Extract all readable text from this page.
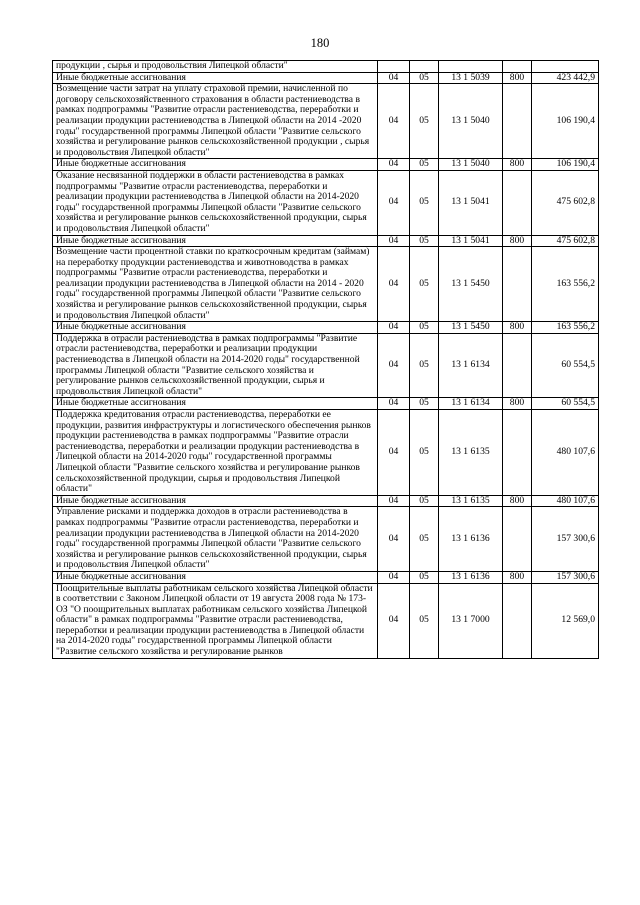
180
продукции , сырья и продовольствия Липецкой области"					
Иные бюджетные ассигнования	04	05	13 1 5039	800	423 442,9
Возмещение части затрат на уплату страховой премии, начисленной по договору сельскохозяйственного страхования в области растениеводства в рамках подпрограммы "Развитие отрасли растениеводства, переработки и реализации продукции растениеводства в Липецкой области на 2014 -2020 годы" государственной программы Липецкой области "Развитие сельского хозяйства и регулирование рынков сельскохозяйственной продукции , сырья и продовольствия Липецкой области"	04	05	13 1 5040		106 190,4
Иные бюджетные ассигнования	04	05	13 1 5040	800	106 190,4
Оказание несвязанной поддержки в области растениеводства в рамках подпрограммы "Развитие отрасли растениеводства, переработки и реализации продукции растениеводства в Липецкой области на 2014-2020 годы" государственной программы Липецкой области "Развитие сельского хозяйства и регулирование рынков сельскохозяйственной продукции, сырья и продовольствия Липецкой области"	04	05	13 1 5041		475 602,8
Иные бюджетные ассигнования	04	05	13 1 5041	800	475 602,8
Возмещение части процентной ставки по краткосрочным кредитам (займам) на переработку продукции растениеводства и животноводства в рамках подпрограммы "Развитие отрасли растениеводства, переработки и реализации продукции растениеводства в Липецкой области на 2014 - 2020 годы" государственной программы Липецкой области "Развитие сельского хозяйства и регулирование рынков сельскохозяйственной продукции, сырья и продовольствия Липецкой области"	04	05	13 1 5450		163 556,2
Иные бюджетные ассигнования	04	05	13 1 5450	800	163 556,2
Поддержка в отрасли растениеводства в рамках подпрограммы "Развитие отрасли растениеводства, переработки и реализации продукции растениеводства в Липецкой области на 2014-2020 годы" государственной программы Липецкой области "Развитие сельского хозяйства и регулирование рынков сельскохозяйственной продукции, сырья и продовольствия Липецкой области"	04	05	13 1 6134		60 554,5
Иные бюджетные ассигнования	04	05	13 1 6134	800	60 554,5
Поддержка кредитования отрасли растениеводства, переработки ее продукции, развития инфраструктуры и логистического обеспечения рынков продукции растениеводства в рамках подпрограммы "Развитие отрасли растениеводства, переработки и реализации продукции растениеводства в Липецкой области на 2014-2020 годы" государственной программы Липецкой области "Развитие сельского хозяйства и регулирование рынков сельскохозяйственной продукции, сырья и продовольствия Липецкой области"	04	05	13 1 6135		480 107,6
Иные бюджетные ассигнования	04	05	13 1 6135	800	480 107,6
Управление рисками и поддержка доходов в отрасли растениеводства в рамках подпрограммы "Развитие отрасли растениеводства, переработки и реализации продукции растениеводства в Липецкой области на 2014-2020 годы" государственной программы Липецкой области "Развитие сельского хозяйства и регулирование рынков сельскохозяйственной продукции, сырья и продовольствия Липецкой области"	04	05	13 1 6136		157 300,6
Иные бюджетные ассигнования	04	05	13 1 6136	800	157 300,6
Поощрительные выплаты работникам сельского хозяйства Липецкой области в соответствии с Законом Липецкой области от 19 августа 2008 года № 173-ОЗ "О поощрительных выплатах работникам сельского хозяйства Липецкой области" в рамках подпрограммы "Развитие отрасли растениеводства, переработки и реализации продукции растениеводства в Липецкой области на 2014-2020 годы" государственной программы Липецкой области "Развитие сельского хозяйства и регулирование рынков	04	05	13 1 7000		12 569,0
